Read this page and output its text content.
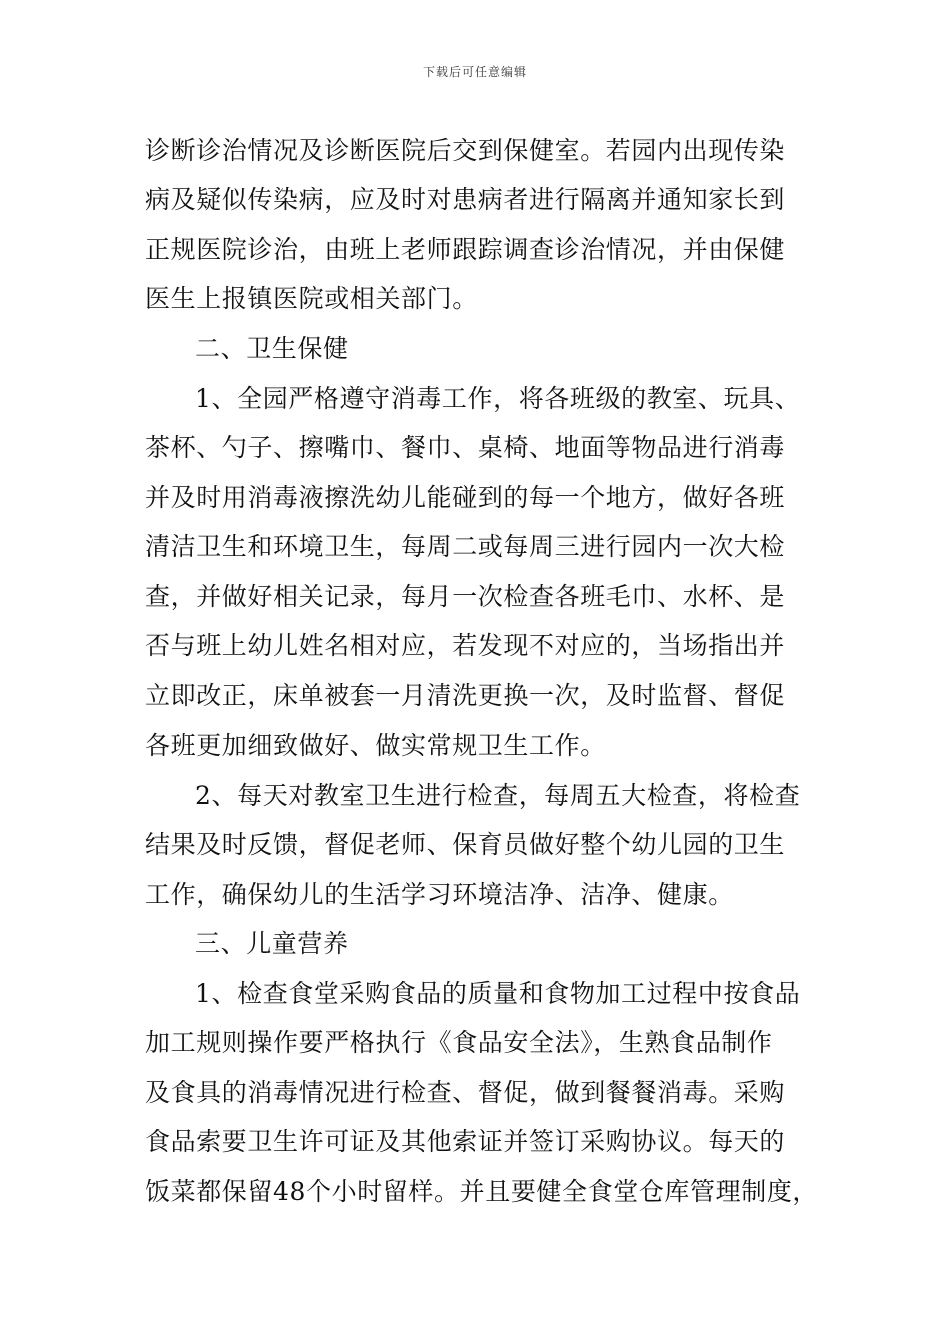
下载后可任意编辑
诊断诊治情况及诊断医院后交到保健室。若园内出现传染
病及疑似传染病，应及时对患病者进行隔离并通知家长到
正规医院诊治，由班上老师跟踪调查诊治情况，并由保健
医生上报镇医院或相关部门。
二、卫生保健
1、全园严格遵守消毒工作，将各班级的教室、玩具、
茶杯、勺子、擦嘴巾、餐巾、桌椅、地面等物品进行消毒
并及时用消毒液擦洗幼儿能碰到的每一个地方，做好各班
清洁卫生和环境卫生，每周二或每周三进行园内一次大检
查，并做好相关记录，每月一次检查各班毛巾、水杯、是
否与班上幼儿姓名相对应，若发现不对应的，当场指出并
立即改正，床单被套一月清洗更换一次，及时监督、督促
各班更加细致做好、做实常规卫生工作。
2、每天对教室卫生进行检查，每周五大检查，将检查
结果及时反馈，督促老师、保育员做好整个幼儿园的卫生
工作，确保幼儿的生活学习环境洁净、洁净、健康。
三、儿童营养
1、检查食堂采购食品的质量和食物加工过程中按食品
加工规则操作要严格执行《食品安全法》，生熟食品制作
及食具的消毒情况进行检查、督促，做到餐餐消毒。采购
食品索要卫生许可证及其他索证并签订采购协议。每天的
饭菜都保留48个小时留样。并且要健全食堂仓库管理制度，
